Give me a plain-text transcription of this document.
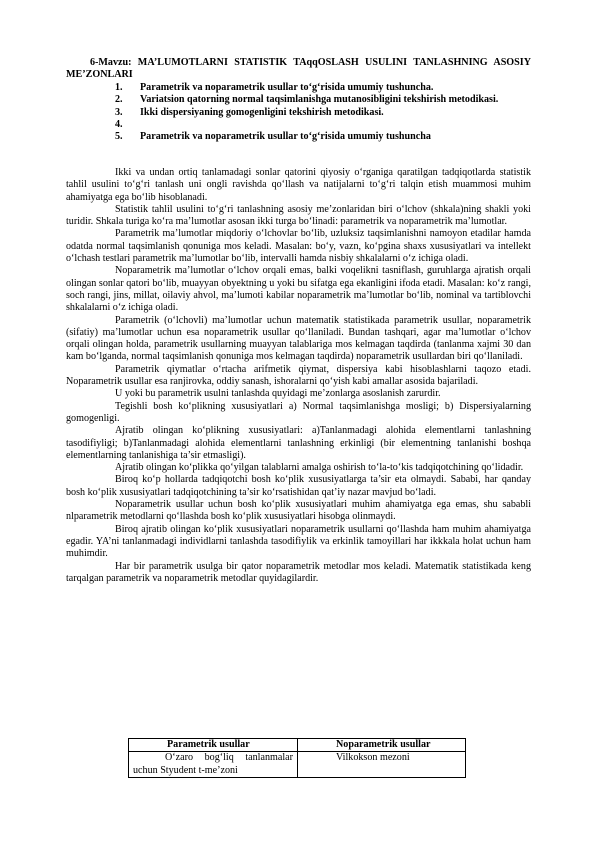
6-Mavzu: MA’LUMOTLARNI STATISTIK TAqqOSLASH USULINI TANLASHNING ASOSIY ME’ZONLARI
1.	Parametrik va noparametrik usullar to‘g‘risida umumiy tushuncha.
2. Variatsion qatorning normal taqsimlanishga mutanosibligini tekshirish metodikasi.
3.	Ikki dispersiyaning gomogenligini tekshirish metodikasi.
4.
5.	Parametrik va noparametrik usullar to‘g‘risida umumiy tushuncha

Ikki va undan ortiq tanlamadagi sonlar qatorini qiyosiy o‘rganiga qaratilgan tadqiqotlarda statistik tahlil usulini to‘g‘ri tanlash uni ongli ravishda qo‘llash va natijalarni to‘g‘ri talqin etish muammosi muhim ahamiyatga ega bo‘lib hisoblanadi.

Statistik tahlil usulini to‘g‘ri tanlashning asosiy me’zonlaridan biri o‘lchov (shkala)ning shakli yoki turidir. Shkala turiga ko‘ra ma’lumotlar asosan ikki turga bo‘linadi: parametrik va noparametrik ma’lumotlar.

Parametrik ma’lumotlar miqdoriy o‘lchovlar bo‘lib, uzluksiz taqsimlanishni namoyon etadilar hamda odatda normal taqsimlanish qonuniga mos keladi. Masalan: bo‘y, vazn, ko‘pgina shaxs xususiyatlari va intellekt o‘lchash testlari parametrik ma’lumotlar bo‘lib, intervalli hamda nisbiy shkalalarni o‘z ichiga oladi.

Noparametrik ma’lumotlar o‘lchov orqali emas, balki voqelikni tasniflash, guruhlarga ajratish orqali olingan sonlar qatori bo‘lib, muayyan obyektning u yoki bu sifatga ega ekanligini ifoda etadi. Masalan: ko‘z rangi, soch rangi, jins, millat, oilaviy ahvol, ma’lumoti kabilar noparametrik ma’lumotlar bo‘lib, nominal va tartiblovchi shkalalarni o‘z ichiga oladi.

Parametrik (o‘lchovli) ma’lumotlar uchun matematik statistikada parametrik usullar, noparametrik (sifatiy) ma’lumotlar uchun esa noparametrik usullar qo‘llaniladi. Bundan tashqari, agar ma’lumotlar o‘lchov orqali olingan holda, parametrik usullarning muayyan talablariga mos kelmagan taqdirda (tanlanma xajmi 30 dan kam bo‘lganda, normal taqsimlanish qonuniga mos kelmagan taqdirda) noparametrik usullardan biri qo‘llaniladi.

Parametrik qiymatlar o‘rtacha arifmetik qiymat, dispersiya kabi hisoblashlarni taqozo etadi. Noparametrik usullar esa ranjirovka, oddiy sanash, ishoralarni qo‘yish kabi amallar asosida bajariladi.

U yoki bu parametrik usulni tanlashda quyidagi me’zonlarga asoslanish zarurdir.

Tegishli bosh ko‘plikning xususiyatlari a) Normal taqsimlanishga mosligi; b) Dispersiyalarning gomogenligi.

Ajratib olingan ko‘plikning xususiyatlari: a)Tanlanmadagi alohida elementlarni tanlashning tasodifiyligi; b)Tanlanmadagi alohida elementlarni tanlashning erkinligi (bir elementning tanlanishi boshqa elementlarning tanlanishiga ta’sir etmasligi).

Ajratib olingan ko‘plikka qo‘yilgan talablarni amalga oshirish to‘la-to‘kis tadqiqotchining qo‘lidadir.

Biroq ko‘p hollarda tadqiqotchi bosh ko‘plik xususiyatlarga ta’sir eta olmaydi. Sababi, har qanday bosh ko‘plik xususiyatlari tadqiqotchining ta’sir ko‘rsatishidan qat’iy nazar mavjud bo‘ladi.

Noparametrik usullar uchun bosh ko‘plik xususiyatlari muhim ahamiyatga ega emas, shu sababli nlparametrik metodlarni qo‘llashda bosh ko‘plik xususiyatlari hisobga olinmaydi.

Biroq ajratib olingan ko‘plik xususiyatlari noparametrik usullarni qo‘llashda ham muhim ahamiyatga egadir. YA’ni tanlanmadagi individlarni tanlashda tasodifiylik va erkinlik tamoyillari har ikkkala holat uchun ham muhimdir.

Har bir parametrik usulga bir qator noparametrik metodlar mos keladi. Matematik statistikada keng tarqalgan parametrik va noparametrik metodlar quyidagilardir.

Parametrik usullar	Noparametrik usullar
O‘zaro bog‘liq tanlanmalar uchun Styudent t-me’zoni	Vilkokson mezoni
